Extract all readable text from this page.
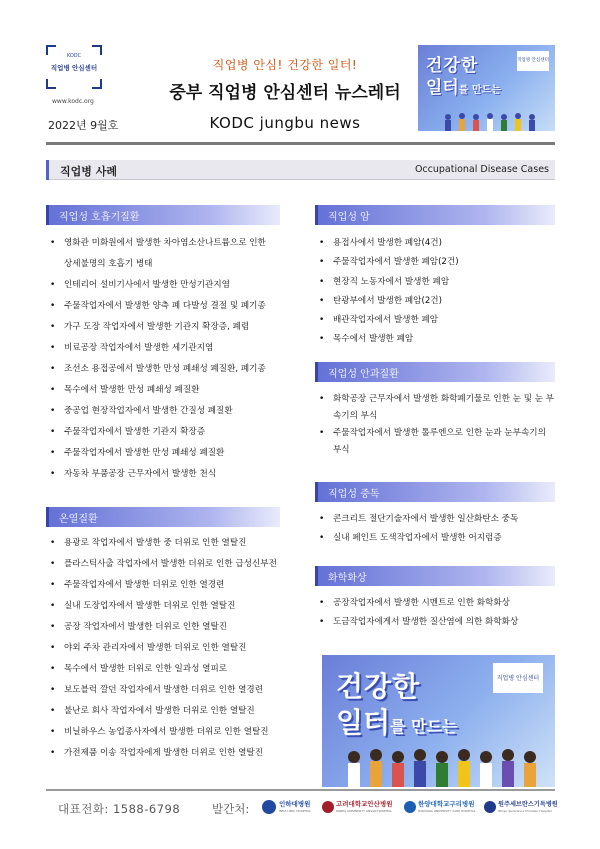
KODC
직업병 안심센터
www.kodc.org
직업병 안심! 건강한 일터!
중부 직업병 안심센터 뉴스레터
2022년 9월호	KODC jungbu news
건강한
일터를 만드는
직업병 안심센터
직업병 사례	Occupational Disease Cases
직업성 호흡기질환
• 영화관 미화원에서 발생한 차아염소산나트륨으로 인한
상세불명의 호흡기 병태
• 인테리어 설비기사에서 발생한 만성기관지염
• 주물작업자에서 발생한 양측 폐 다발성 결절 및 폐기종
• 가구 도장 작업자에서 발생한 기관지 확장증, 폐렴
• 비료공장 작업자에서 발생한 세기관지염
• 조선소 용접공에서 발생한 만성 폐쇄성 폐질환, 폐기종
• 목수에서 발생한 만성 폐쇄성 폐질환
• 중공업 현장작업자에서 발생한 간질성 폐질환
• 주물작업자에서 발생한 기관지 확장증
• 주물작업자에서 발생한 만성 폐쇄성 폐질환
• 자동차 부품공장 근무자에서 발생한 천식
온열질환
• 용광로 작업자에서 발생한 중 더위로 인한 열탈진
• 플라스틱사출 작업자에서 발생한 더위로 인한 급성신부전
• 주물작업자에서 발생한 더위로 인한 열경련
• 실내 도장업자에서 발생한 더위로 인한 열탈진
• 공장 작업자에서 발생한 더위로 인한 열탈진
• 야외 주차 관리자에서 발생한 더위로 인한 열탈진
• 목수에서 발생한 더위로 인한 일과성 열피로
• 보도블럭 깔던 작업자에서 발생한 더위로 인한 열경련
• 불난로 회사 작업자에서 발생한 더위로 인한 열탈진
• 비닐하우스 농업종사자에서 발생한 더위로 인한 열탈진
• 가전제품 이송 작업자에게 발생한 더위로 인한 열탈진
직업성 암
• 용접사에서 발생한 폐암(4건)
• 주물작업자에서 발생한 폐암(2건)
• 현장직 노동자에서 발생한 폐암
• 탄광부에서 발생한 폐암(2건)
• 배관작업자에서 발생한 폐암
• 목수에서 발생한 폐암
직업성 안과질환
• 화학공장 근무자에서 발생한 화학폐기물로 인한 눈 및 눈 부속기의 부식
• 주물작업자에서 발생한 톨루엔으로 인한 눈과 눈부속기의 부식
직업성 중독
• 콘크리트 절단기술자에서 발생한 일산화탄소 중독
• 실내 페인트 도색작업자에서 발생한 어지럼증
화학화상
• 공장작업자에서 발생한 시멘트로 인한 화학화상
• 도금작업자에게서 발생한 질산염에 의한 화학화상
건강한
일터를 만드는
직업병 안심센터
대표전화: 1588-6798	발간처:	인하대병원
INHA UNIV. HOSPITAL
고려대학교안산병원
KOREA UNIVERSITY ANSAN HOSPITAL
한양대학교구리병원
HANYANG UNIVERSITY GURI HOSPITAL
원주세브란스기독병원
Wonju Severance Christian Hospital
